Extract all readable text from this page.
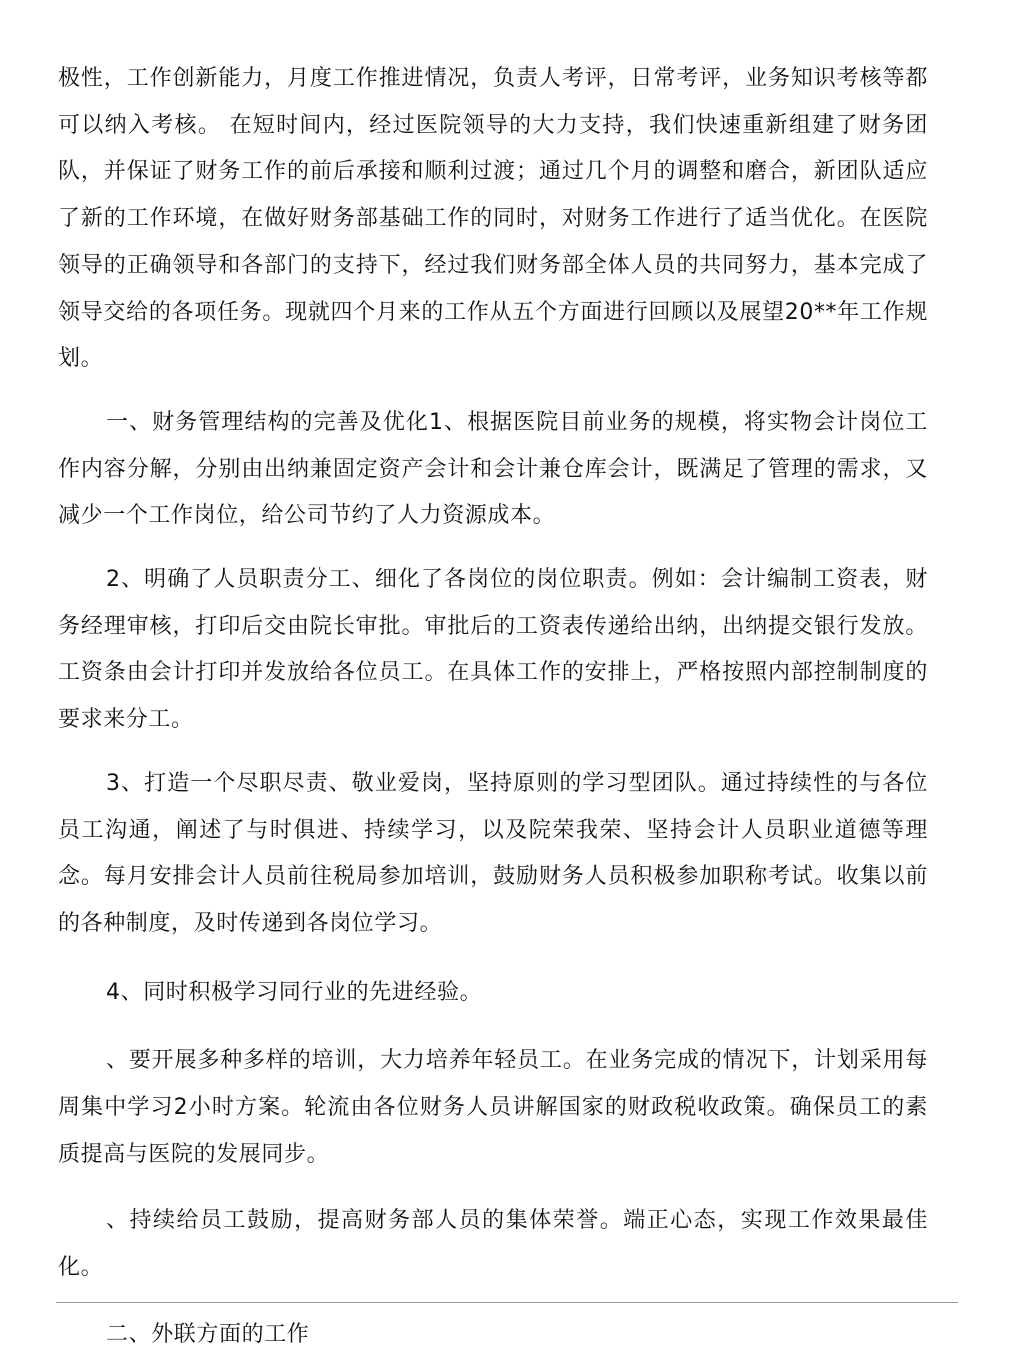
极性，工作创新能力，月度工作推进情况，负责人考评，日常考评，业务知识考核等都可以纳入考核。 在短时间内，经过医院领导的大力支持，我们快速重新组建了财务团队，并保证了财务工作的前后承接和顺利过渡；通过几个月的调整和磨合，新团队适应了新的工作环境，在做好财务部基础工作的同时，对财务工作进行了适当优化。在医院领导的正确领导和各部门的支持下，经过我们财务部全体人员的共同努力，基本完成了领导交给的各项任务。现就四个月来的工作从五个方面进行回顾以及展望20**年工作规划。

一、财务管理结构的完善及优化1、根据医院目前业务的规模，将实物会计岗位工作内容分解，分别由出纳兼固定资产会计和会计兼仓库会计，既满足了管理的需求，又减少一个工作岗位，给公司节约了人力资源成本。

2、明确了人员职责分工、细化了各岗位的岗位职责。例如：会计编制工资表，财务经理审核，打印后交由院长审批。审批后的工资表传递给出纳，出纳提交银行发放。工资条由会计打印并发放给各位员工。在具体工作的安排上，严格按照内部控制制度的要求来分工。

3、打造一个尽职尽责、敬业爱岗，坚持原则的学习型团队。通过持续性的与各位员工沟通，阐述了与时俱进、持续学习，以及院荣我荣、坚持会计人员职业道德等理念。每月安排会计人员前往税局参加培训，鼓励财务人员积极参加职称考试。收集以前的各种制度，及时传递到各岗位学习。

4、同时积极学习同行业的先进经验。

、要开展多种多样的培训，大力培养年轻员工。在业务完成的情况下，计划采用每周集中学习2小时方案。轮流由各位财务人员讲解国家的财政税收政策。确保员工的素质提高与医院的发展同步。

、持续给员工鼓励，提高财务部人员的集体荣誉。端正心态，实现工作效果最佳化。

二、外联方面的工作
